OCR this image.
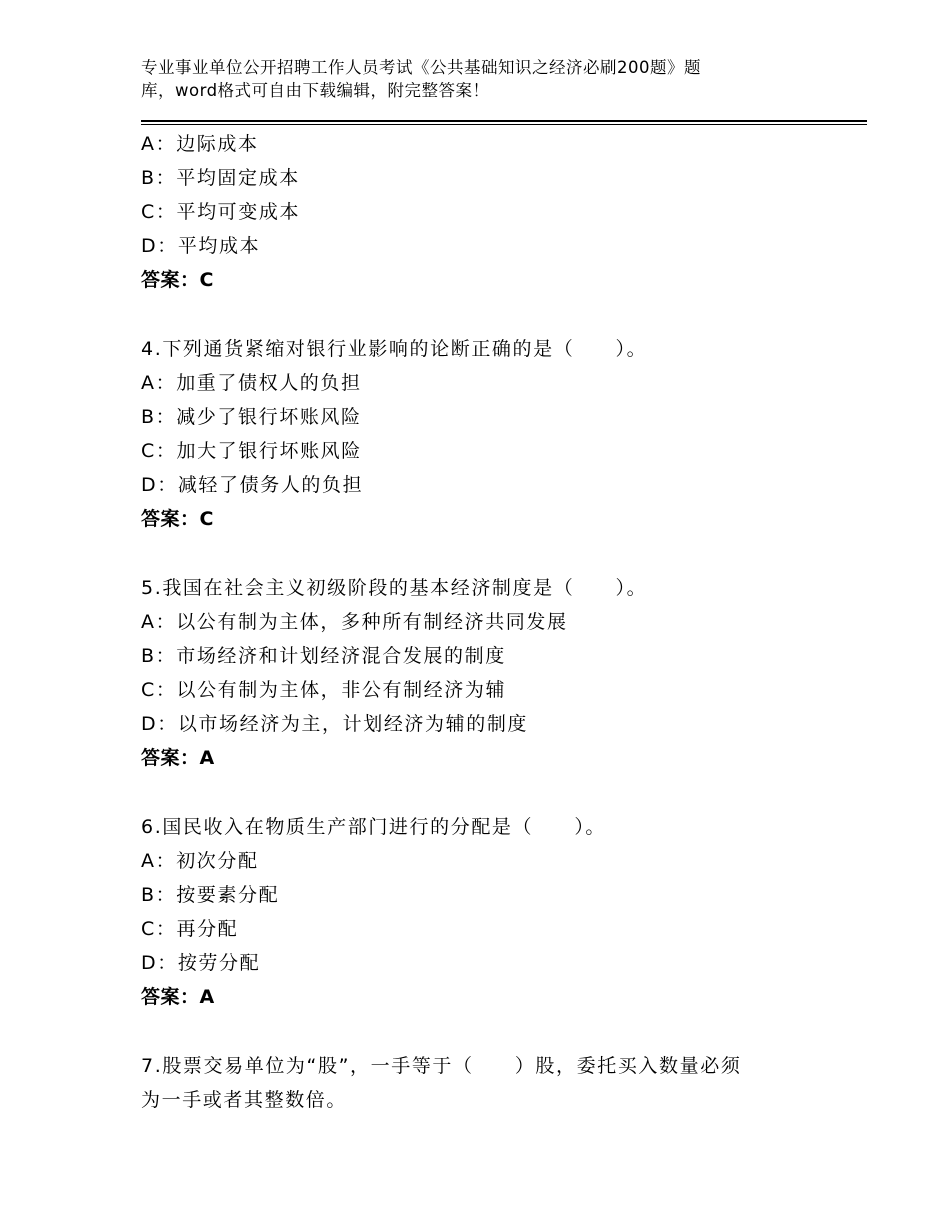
专业事业单位公开招聘工作人员考试《公共基础知识之经济必刷200题》题
库，word格式可自由下载编辑，附完整答案！
A：边际成本
B：平均固定成本
C：平均可变成本
D：平均成本
答案：C
4.下列通货紧缩对银行业影响的论断正确的是（　　）。
A：加重了债权人的负担
B：减少了银行坏账风险
C：加大了银行坏账风险
D：减轻了债务人的负担
答案：C
5.我国在社会主义初级阶段的基本经济制度是（　　）。
A：以公有制为主体，多种所有制经济共同发展
B：市场经济和计划经济混合发展的制度
C：以公有制为主体，非公有制经济为辅
D：以市场经济为主，计划经济为辅的制度
答案：A
6.国民收入在物质生产部门进行的分配是（　　）。
A：初次分配
B：按要素分配
C：再分配
D：按劳分配
答案：A
7.股票交易单位为“股”，一手等于（　　）股，委托买入数量必须
为一手或者其整数倍。
